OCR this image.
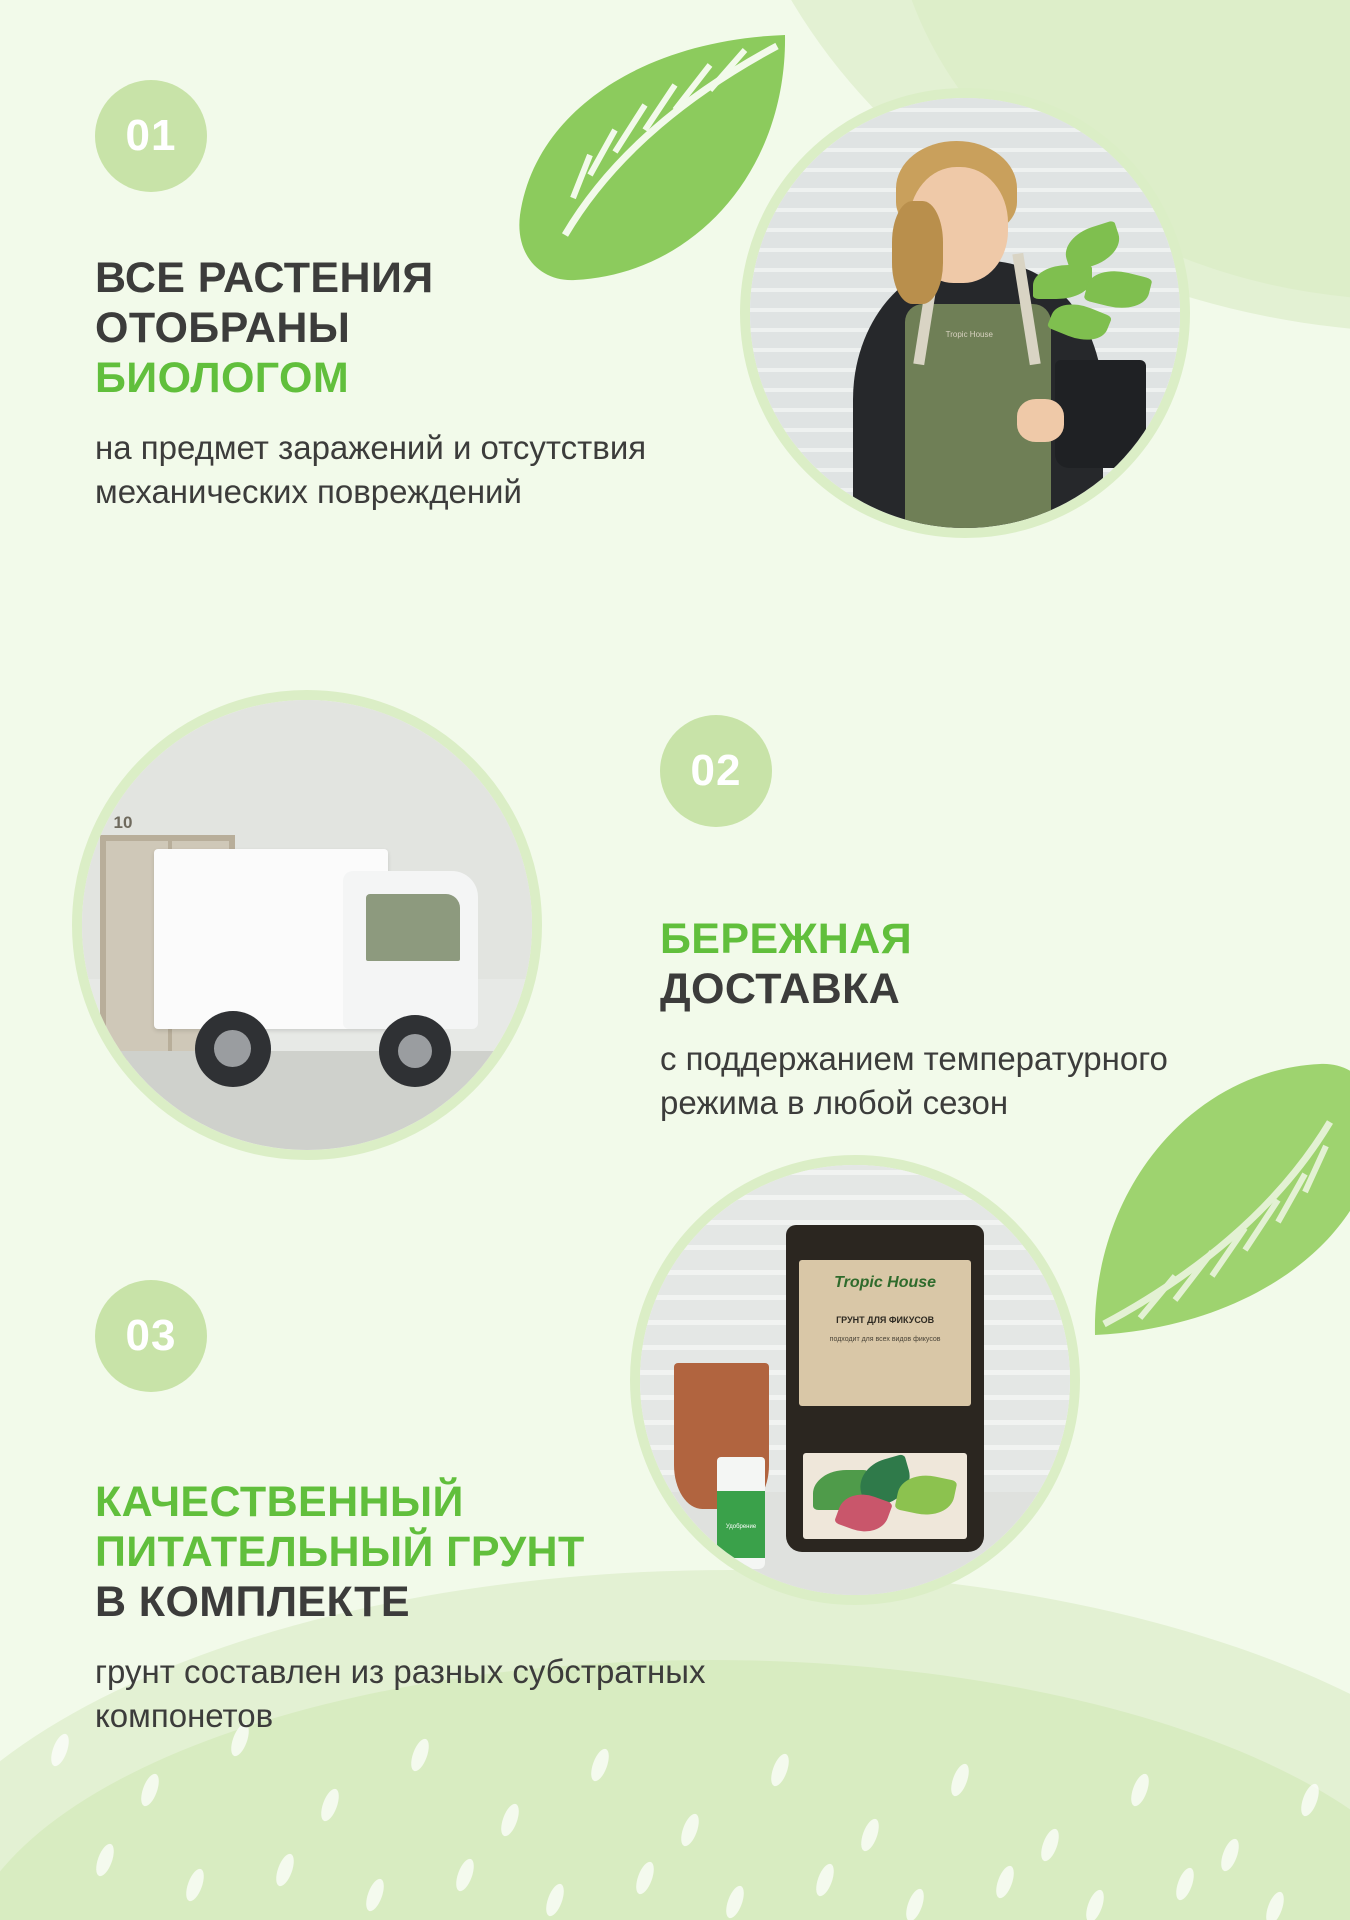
01
ВСЕ РАСТЕНИЯ
ОТОБРАНЫ
БИОЛОГОМ
на предмет заражений и отсутствия механических повреждений
Tropic House
10
02
БЕРЕЖНАЯ
ДОСТАВКА
с поддержанием температурного режима в любой сезон
03
КАЧЕСТВЕННЫЙ
ПИТАТЕЛЬНЫЙ ГРУНТ
В КОМПЛЕКТЕ
грунт составлен из разных субстратных компонетов
Tropic House
ГРУНТ ДЛЯ ФИКУСОВ
подходит для всех видов фикусов
Удобрение
